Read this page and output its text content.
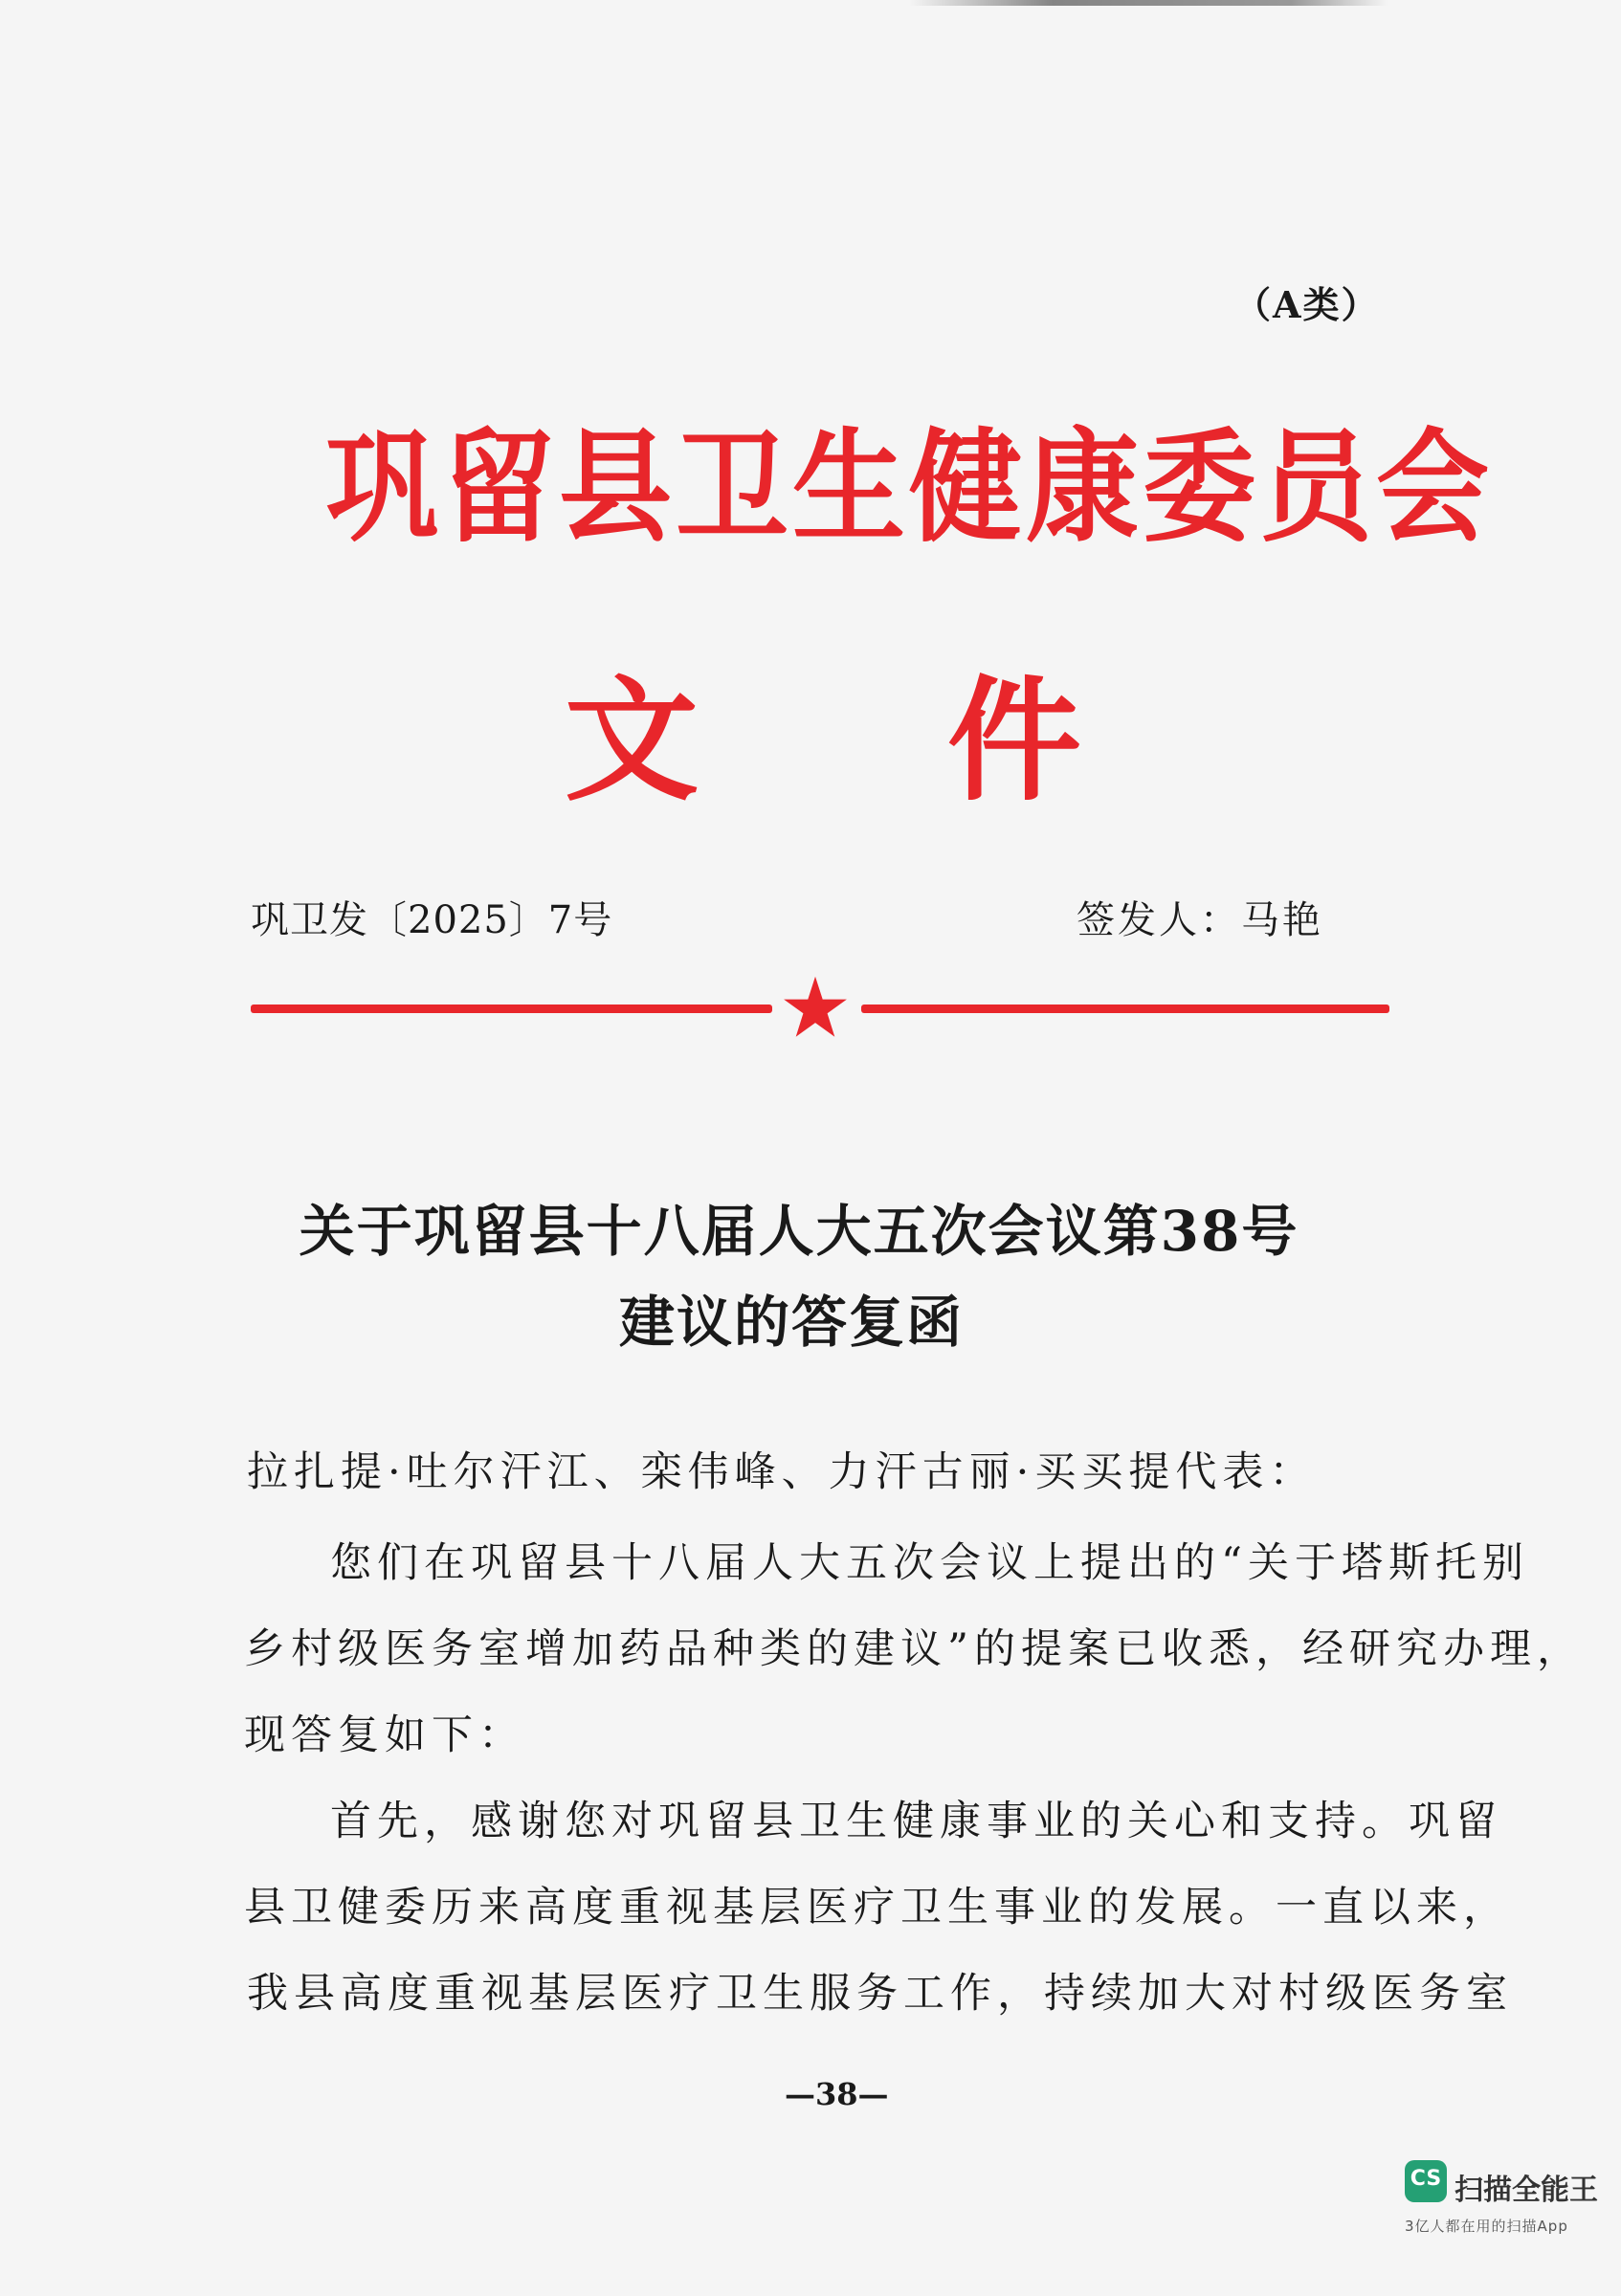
（A类）
巩留县卫生健康委员会
文 件
巩卫发〔2025〕7号	签发人：马艳
关于巩留县十八届人大五次会议第38号
建议的答复函
拉扎提·吐尔汗江、栾伟峰、力汗古丽·买买提代表：
您们在巩留县十八届人大五次会议上提出的“关于塔斯托别
乡村级医务室增加药品种类的建议”的提案已收悉，经研究办理，
现答复如下：
首先，感谢您对巩留县卫生健康事业的关心和支持。巩留
县卫健委历来高度重视基层医疗卫生事业的发展。一直以来，
我县高度重视基层医疗卫生服务工作，持续加大对村级医务室
—38—
CS 扫描全能王
3亿人都在用的扫描App
